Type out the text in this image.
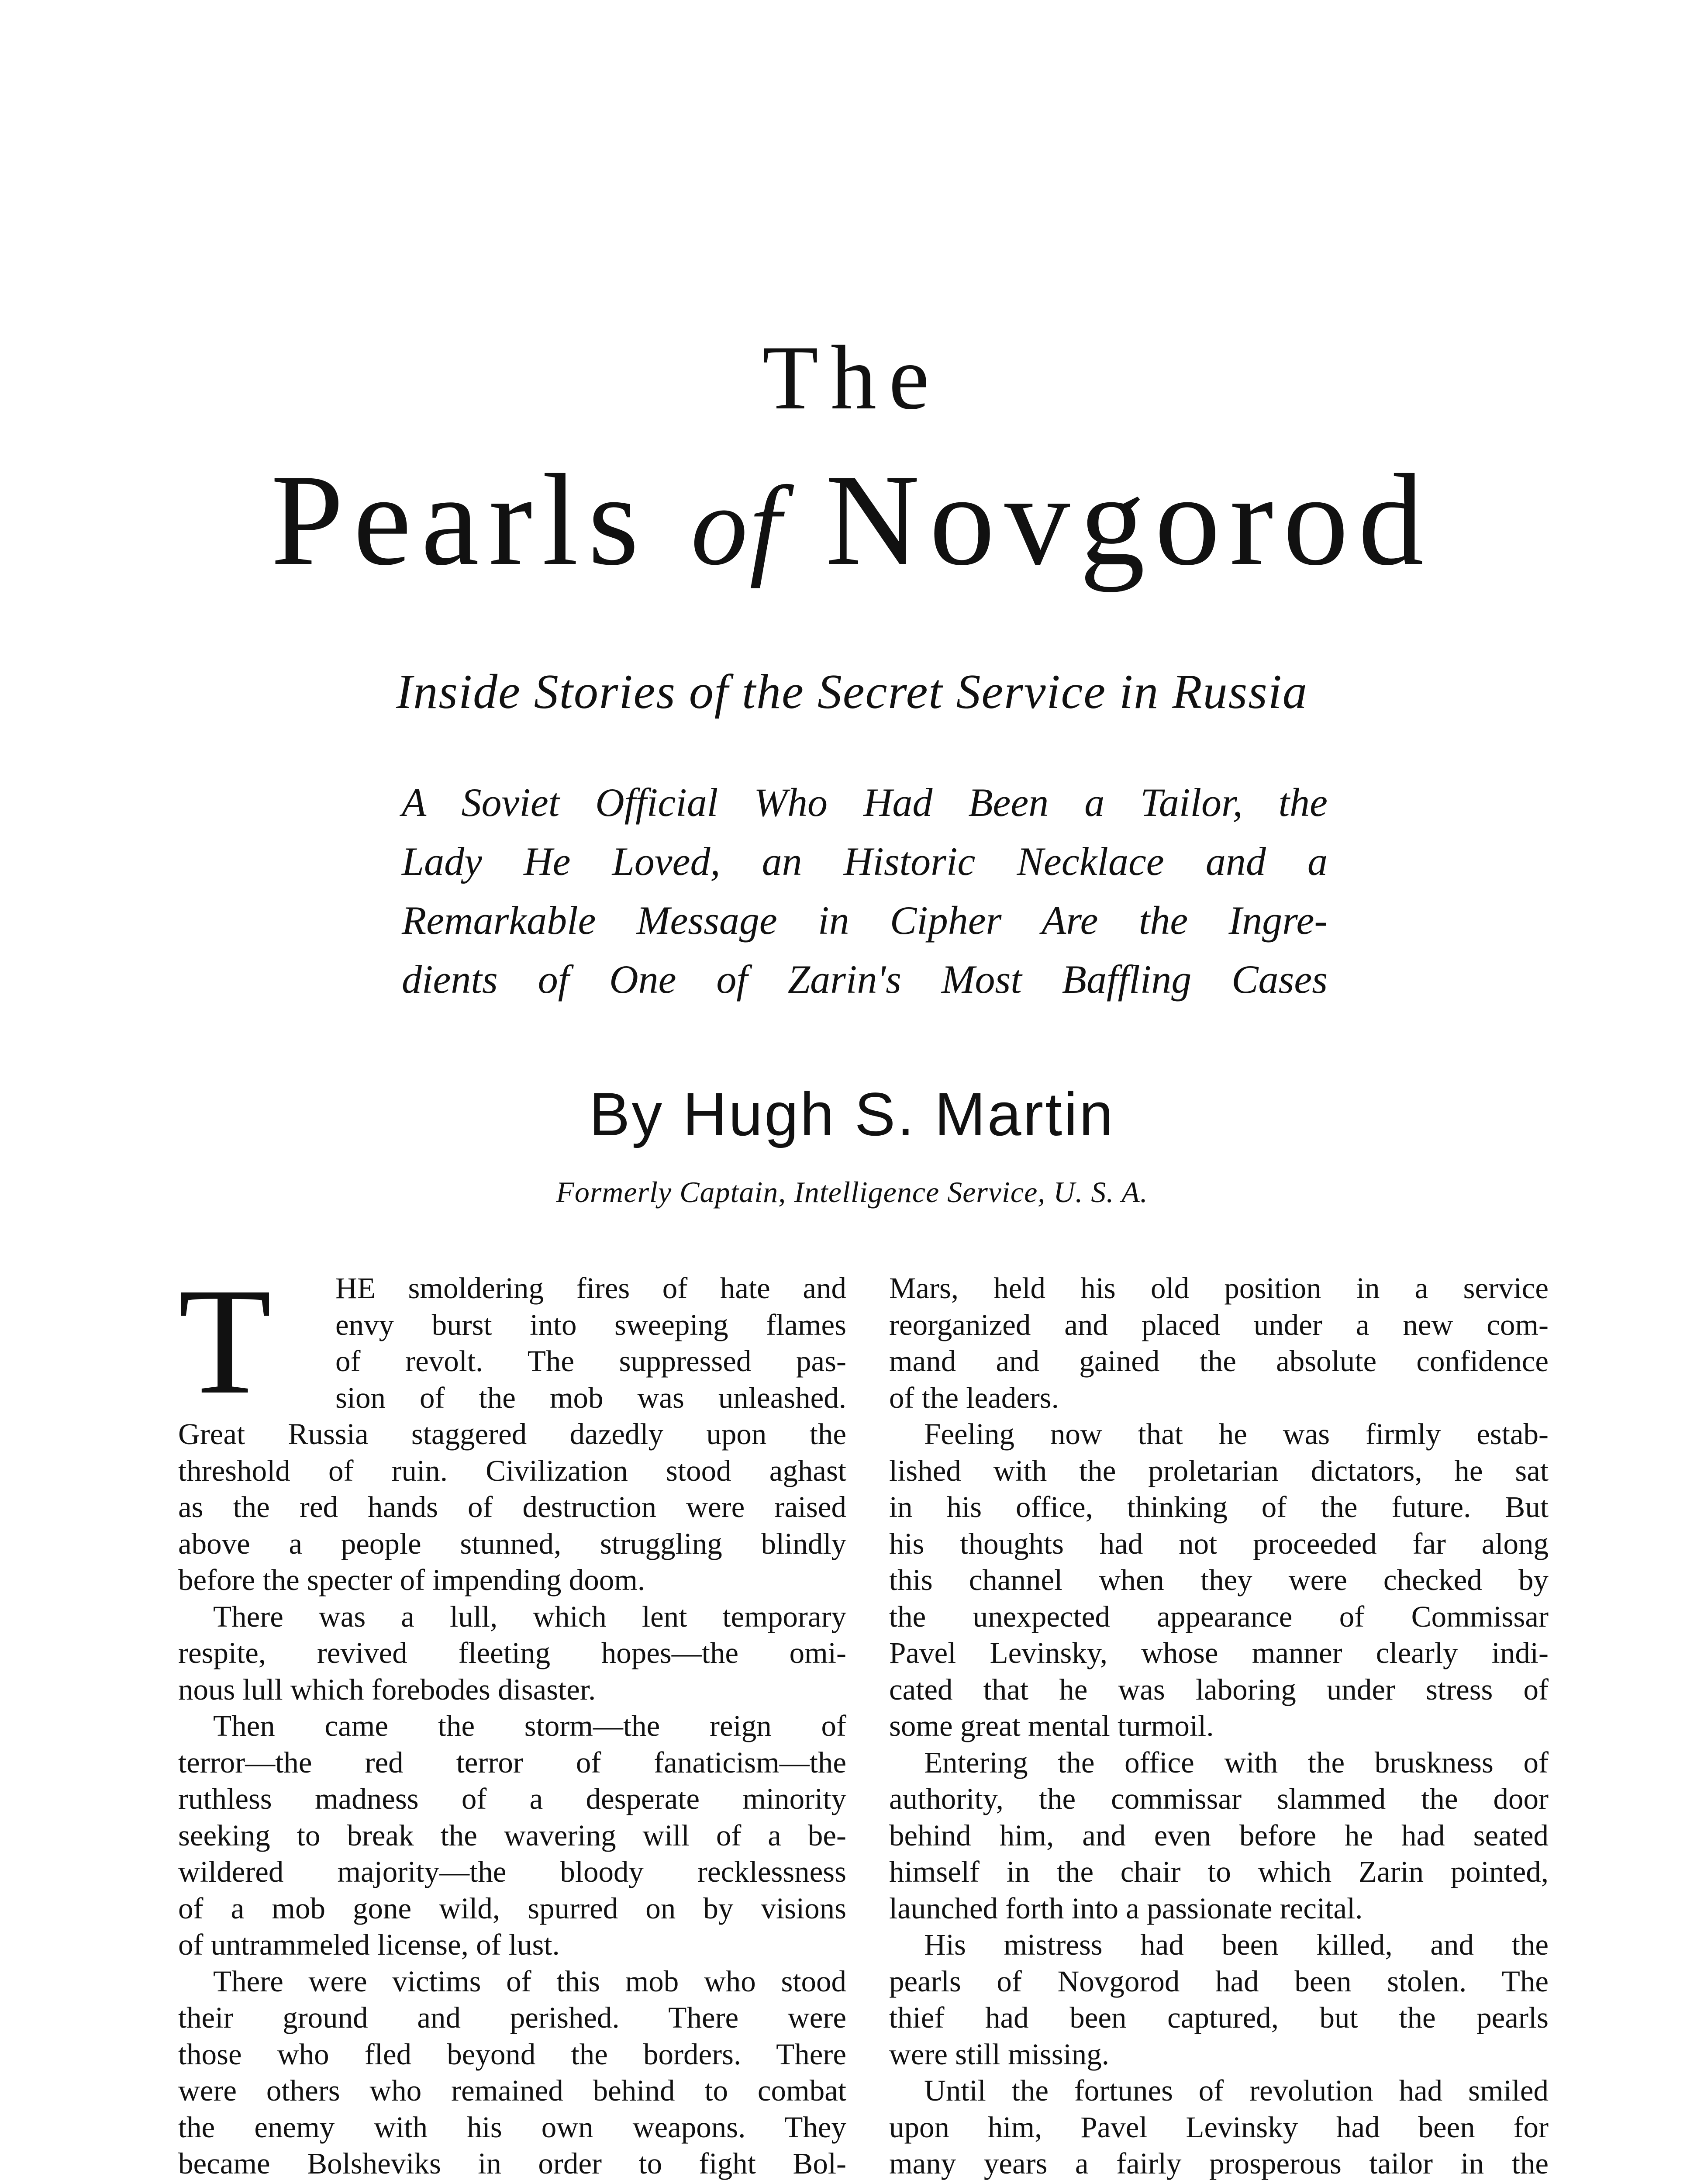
The
Pearls of Novgorod
Inside Stories of the Secret Service in Russia
A Soviet Official Who Had Been a Tailor, the
Lady He Loved, an Historic Necklace and a
Remarkable Message in Cipher Are the Ingre-
dients of One of Zarin's Most Baffling Cases
By Hugh S. Martin
Formerly Captain, Intelligence Service, U. S. A.
T	HE smoldering fires of hate and
envy burst into sweeping flames
of revolt. The suppressed pas-
sion of the mob was unleashed.
Great Russia staggered dazedly upon the
threshold of ruin. Civilization stood aghast
as the red hands of destruction were raised
above a people stunned, struggling blindly
before the specter of impending doom.
There was a lull, which lent temporary
respite, revived fleeting hopes—the omi-
nous lull which forebodes disaster.
Then came the storm—the reign of
terror—the red terror of fanaticism—the
ruthless madness of a desperate minority
seeking to break the wavering will of a be-
wildered majority—the bloody recklessness
of a mob gone wild, spurred on by visions
of untrammeled license, of lust.
There were victims of this mob who stood
their ground and perished. There were
those who fled beyond the borders. There
were others who remained behind to combat
the enemy with his own weapons. They
became Bolsheviks in order to fight Bol-
Mars, held his old position in a service
reorganized and placed under a new com-
mand and gained the absolute confidence
of the leaders.
Feeling now that he was firmly estab-
lished with the proletarian dictators, he sat
in his office, thinking of the future. But
his thoughts had not proceeded far along
this channel when they were checked by
the unexpected appearance of Commissar
Pavel Levinsky, whose manner clearly indi-
cated that he was laboring under stress of
some great mental turmoil.
Entering the office with the bruskness of
authority, the commissar slammed the door
behind him, and even before he had seated
himself in the chair to which Zarin pointed,
launched forth into a passionate recital.
His mistress had been killed, and the
pearls of Novgorod had been stolen. The
thief had been captured, but the pearls
were still missing.
Until the fortunes of revolution had smiled
upon him, Pavel Levinsky had been for
many years a fairly prosperous tailor in the
